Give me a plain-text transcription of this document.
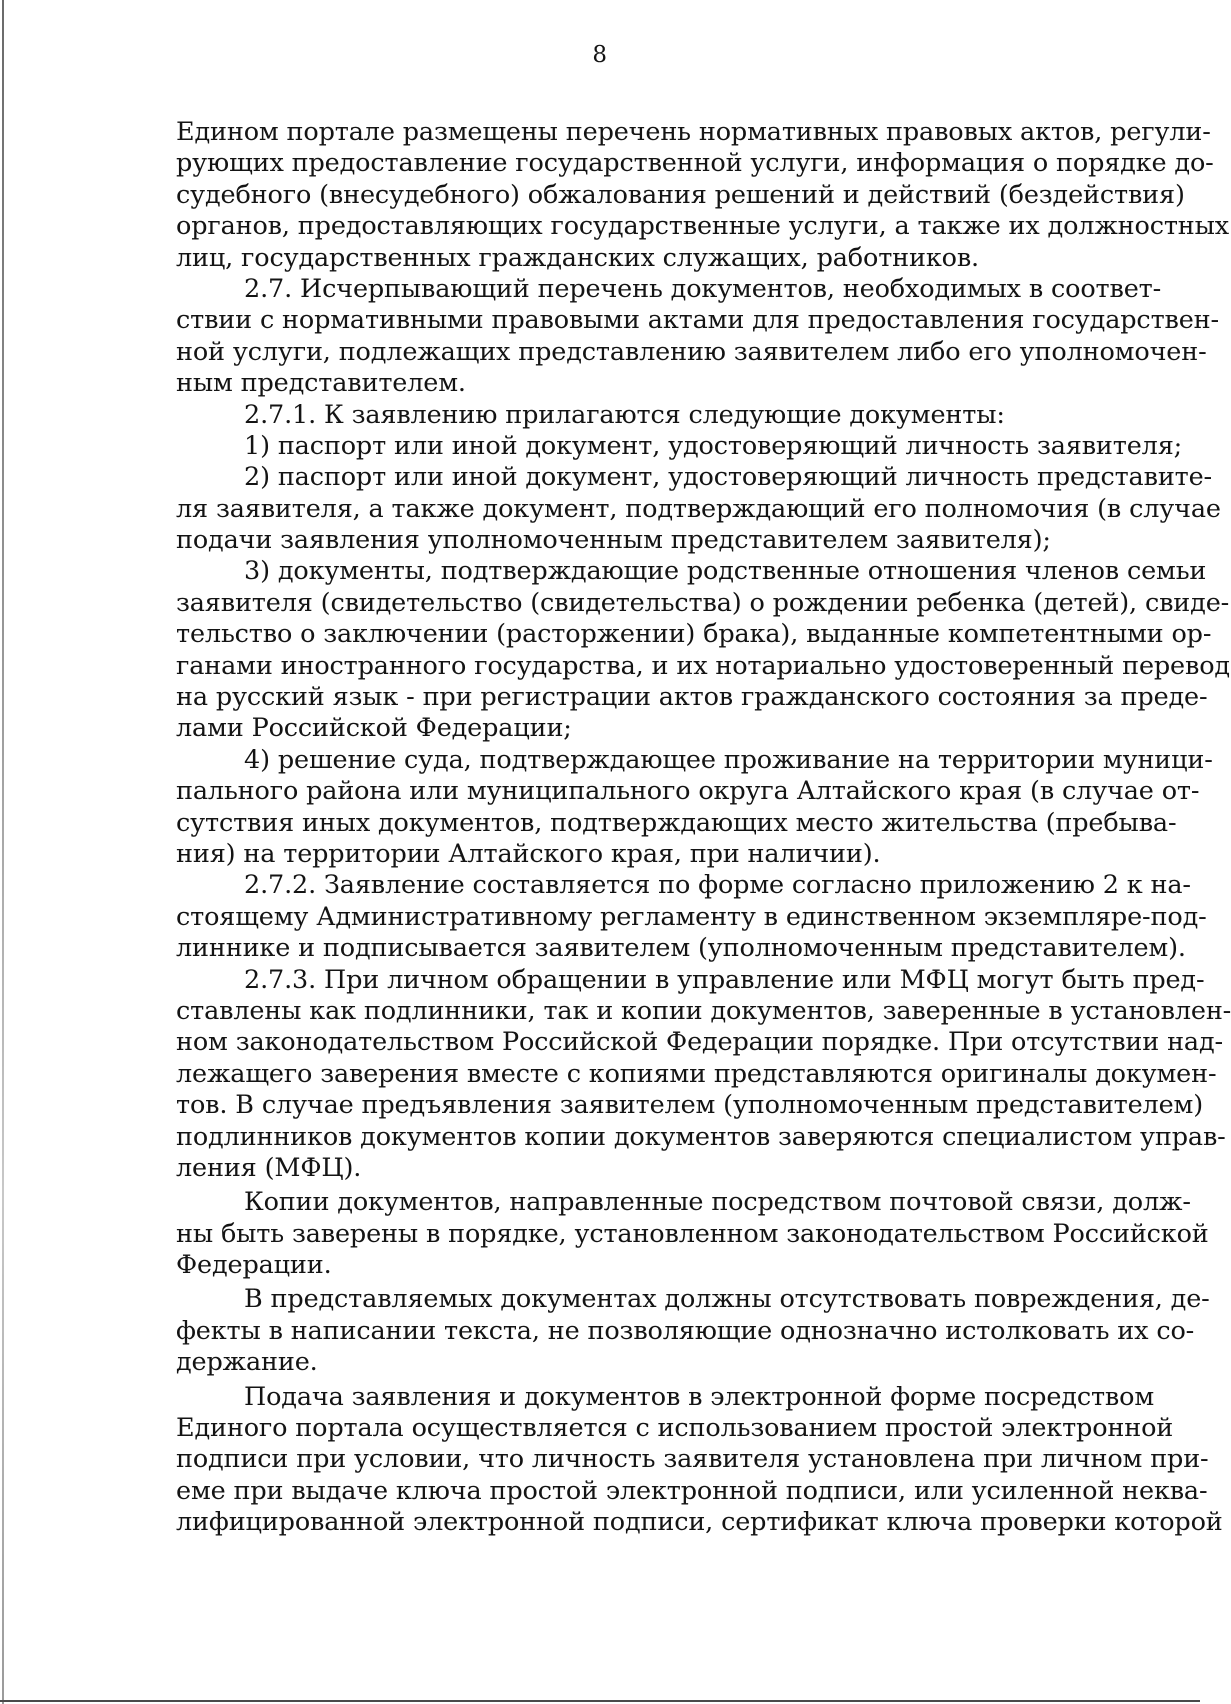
8
Едином портале размещены перечень нормативных правовых актов, регули-
рующих предоставление государственной услуги, информация о порядке до-
судебного (внесудебного) обжалования решений и действий (бездействия)
органов, предоставляющих государственные услуги, а также их должностных
лиц, государственных гражданских служащих, работников.
2.7. Исчерпывающий перечень документов, необходимых в соответ-
ствии с нормативными правовыми актами для предоставления государствен-
ной услуги, подлежащих представлению заявителем либо его уполномочен-
ным представителем.
2.7.1. К заявлению прилагаются следующие документы:
1) паспорт или иной документ, удостоверяющий личность заявителя;
2) паспорт или иной документ, удостоверяющий личность представите-
ля заявителя, а также документ, подтверждающий его полномочия (в случае
подачи заявления уполномоченным представителем заявителя);
3) документы, подтверждающие родственные отношения членов семьи
заявителя (свидетельство (свидетельства) о рождении ребенка (детей), свиде-
тельство о заключении (расторжении) брака), выданные компетентными ор-
ганами иностранного государства, и их нотариально удостоверенный перевод
на русский язык - при регистрации актов гражданского состояния за преде-
лами Российской Федерации;
4) решение суда, подтверждающее проживание на территории муници-
пального района или муниципального округа Алтайского края (в случае от-
сутствия иных документов, подтверждающих место жительства (пребыва-
ния) на территории Алтайского края, при наличии).
2.7.2. Заявление составляется по форме согласно приложению 2 к на-
стоящему Административному регламенту в единственном экземпляре-под-
линнике и подписывается заявителем (уполномоченным представителем).
2.7.3. При личном обращении в управление или МФЦ могут быть пред-
ставлены как подлинники, так и копии документов, заверенные в установлен-
ном законодательством Российской Федерации порядке. При отсутствии над-
лежащего заверения вместе с копиями представляются оригиналы докумен-
тов. В случае предъявления заявителем (уполномоченным представителем)
подлинников документов копии документов заверяются специалистом управ-
ления (МФЦ).
Копии документов, направленные посредством почтовой связи, долж-
ны быть заверены в порядке, установленном законодательством Российской
Федерации.
В представляемых документах должны отсутствовать повреждения, де-
фекты в написании текста, не позволяющие однозначно истолковать их со-
держание.
Подача заявления и документов в электронной форме посредством
Единого портала осуществляется с использованием простой электронной
подписи при условии, что личность заявителя установлена при личном при-
еме при выдаче ключа простой электронной подписи, или усиленной неква-
лифицированной электронной подписи, сертификат ключа проверки которой
